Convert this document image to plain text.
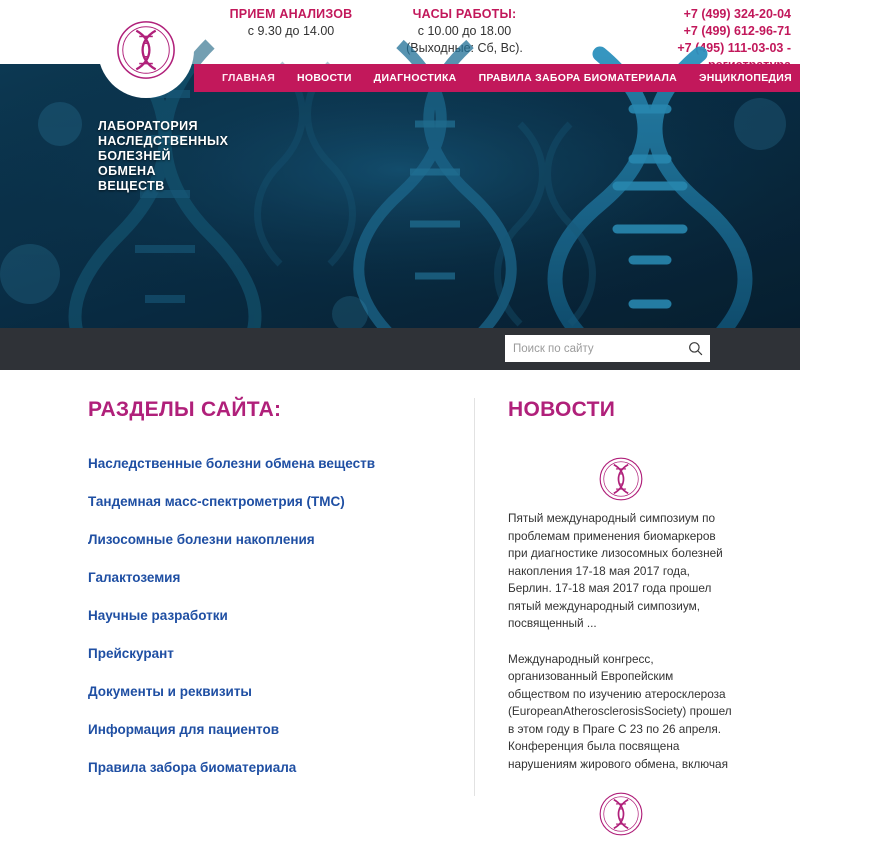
ПРИЕМ АНАЛИЗОВ
с 9.30 до 14.00
ЧАСЫ РАБОТЫ:
с 10.00 до 18.00
(Выходные: Сб, Вс).
+7 (499) 324-20-04
+7 (499) 612-96-71
+7 (495) 111-03-03 -
ЛАБОРАТОРИЯ
НАСЛЕДСТВЕННЫХ
БОЛЕЗНЕЙ
ОБМЕНА
ВЕЩЕСТВ
ГЛАВНАЯ НОВОСТИ ДИАГНОСТИКА ПРАВИЛА ЗАБОРА БИОМАТЕРИАЛА ЭНЦИКЛОПЕДИЯ КОНТАКТЫ
Поиск по сайту
РАЗДЕЛЫ САЙТА:
Наследственные болезни обмена веществ
Тандемная масс-спектрометрия (ТМС)
Лизосомные болезни накопления
Галактоземия
Научные разработки
Прейскурант
Документы и реквизиты
Информация для пациентов
Правила забора биоматериала
НОВОСТИ
Пятый международный симпозиум по проблемам применения биомаркеров при диагностике лизосомных болезней накопления 17-18 мая 2017 года, Берлин. 17-18 мая 2017 года прошел пятый международный симпозиум, посвященный ...
Международный конгресс, организованный Европейским обществом по изучению атеросклероза (EuropeanAtherosclerosisSociety) прошел в этом году в Праге С 23 по 26 апреля. Конференция была посвящена нарушениям жирового обмена, включая
